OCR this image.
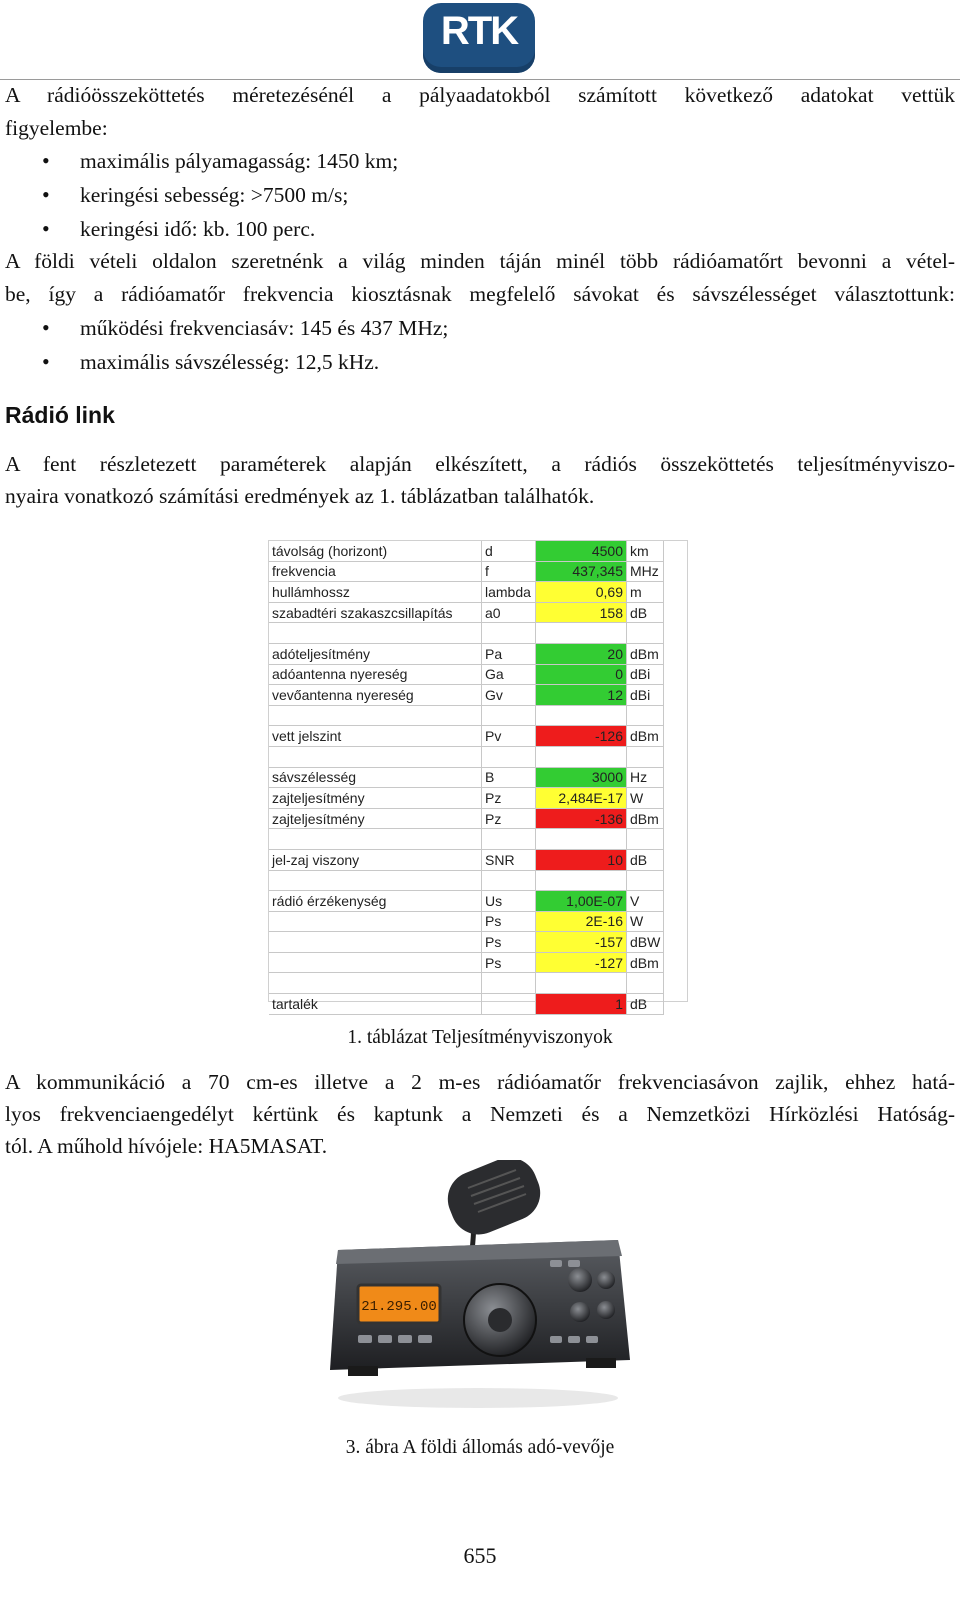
RTK
A rádióösszeköttetés méretezésénél a pályaadatokból számított következő adatokat vettük
figyelembe:
• maximális pályamagasság: 1450 km;
• keringési sebesség: >7500 m/s;
• keringési idő: kb. 100 perc.
A földi vételi oldalon szeretnénk a világ minden táján minél több rádióamatőrt bevonni a vétel-
be, így a rádióamatőr frekvencia kiosztásnak megfelelő sávokat és sávszélességet választottunk:
• működési frekvenciasáv: 145 és 437 MHz;
• maximális sávszélesség: 12,5 kHz.
Rádió link
A fent részletezett paraméterek alapján elkészített, a rádiós összeköttetés teljesítményviszo-
nyaira vonatkozó számítási eredmények az 1. táblázatban találhatók.
távolság (horizont)	d	4500	km
frekvencia	f	437,345	MHz
hullámhossz	lambda	0,69	m
szabadtéri szakaszcsillapítás	a0	158	dB

adóteljesítmény	Pa	20	dBm
adóantenna nyereség	Ga	0	dBi
vevőantenna nyereség	Gv	12	dBi

vett jelszint	Pv	-126	dBm

sávszélesség	B	3000	Hz
zajteljesítmény	Pz	2,484E-17	W
zajteljesítmény	Pz	-136	dBm

jel-zaj viszony	SNR	10	dB

rádió érzékenység	Us	1,00E-07	V
	Ps	2E-16	W
	Ps	-157	dBW
	Ps	-127	dBm

tartalék		1	dB
1. táblázat Teljesítményviszonyok
A kommunikáció a 70 cm-es illetve a 2 m-es rádióamatőr frekvenciasávon zajlik, ehhez hatá-
lyos frekvenciaengedélyt kértünk és kaptunk a Nemzeti és a Nemzetközi Hírközlési Hatóság-
tól. A műhold hívójele: HA5MASAT.
21.295.00
3. ábra A földi állomás adó-vevője
655
